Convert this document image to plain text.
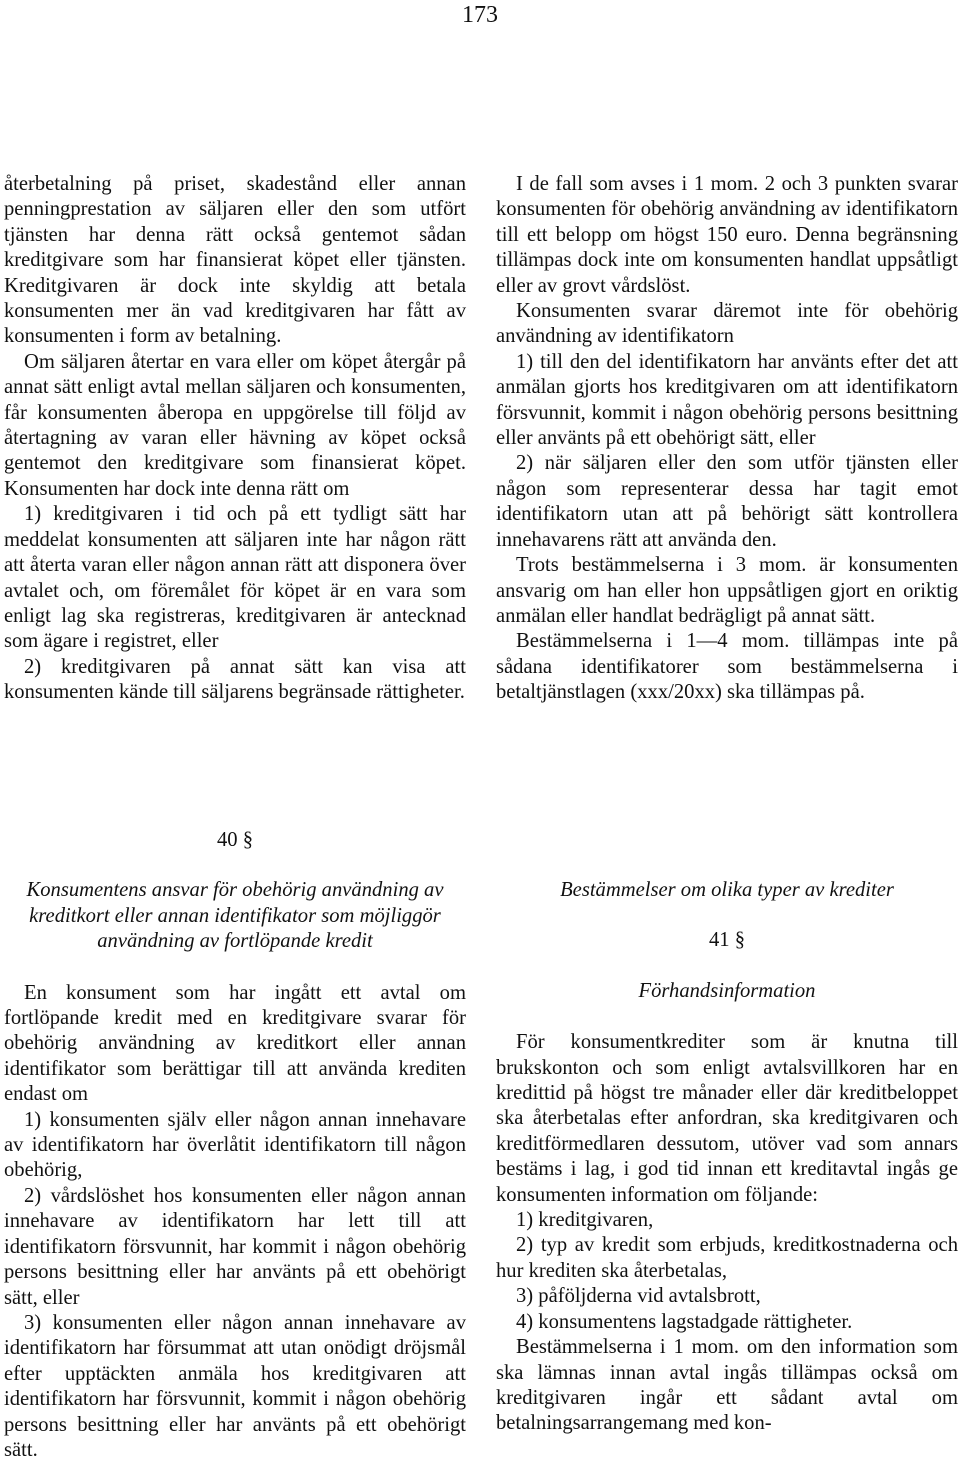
173

återbetalning på priset, skadestånd eller annan penningprestation av säljaren eller den som utfört tjänsten har denna rätt också gentemot sådan kreditgivare som har finansierat köpet eller tjänsten. Kreditgivaren är dock inte skyldig att betala konsumenten mer än vad kreditgivaren har fått av konsumenten i form av betalning.

Om säljaren återtar en vara eller om köpet återgår på annat sätt enligt avtal mellan säljaren och konsumenten, får konsumenten åberopa en uppgörelse till följd av återtagning av varan eller hävning av köpet också gentemot den kreditgivare som finansierat köpet. Konsumenten har dock inte denna rätt om

1) kreditgivaren i tid och på ett tydligt sätt har meddelat konsumenten att säljaren inte har någon rätt att återta varan eller någon annan rätt att disponera över avtalet och, om föremålet för köpet är en vara som enligt lag ska registreras, kreditgivaren är antecknad som ägare i registret, eller

2) kreditgivaren på annat sätt kan visa att konsumenten kände till säljarens begränsade rättigheter.

I de fall som avses i 1 mom. 2 och 3 punkten svarar konsumenten för obehörig användning av identifikatorn till ett belopp om högst 150 euro. Denna begränsning tillämpas dock inte om konsumenten handlat uppsåtligt eller av grovt vårdslöst.

Konsumenten svarar däremot inte för obehörig användning av identifikatorn

1) till den del identifikatorn har använts efter det att anmälan gjorts hos kreditgivaren om att identifikatorn försvunnit, kommit i någon obehörig persons besittning eller använts på ett obehörigt sätt, eller

2) när säljaren eller den som utför tjänsten eller någon som representerar dessa har tagit emot identifikatorn utan att på behörigt sätt kontrollera innehavarens rätt att använda den.

Trots bestämmelserna i 3 mom. är konsumenten ansvarig om han eller hon uppsåtligen gjort en oriktig anmälan eller handlat bedrägligt på annat sätt.

Bestämmelserna i 1—4 mom. tillämpas inte på sådana identifikatorer som bestämmelserna i betaltjänstlagen (xxx/20xx) ska tillämpas på.

40 §

Konsumentens ansvar för obehörig användning av kreditkort eller annan identifikator som möjliggör användning av fortlöpande kredit

En konsument som har ingått ett avtal om fortlöpande kredit med en kreditgivare svarar för obehörig användning av kreditkort eller annan identifikator som berättigar till att använda krediten endast om

1) konsumenten själv eller någon annan innehavare av identifikatorn har överlåtit identifikatorn till någon obehörig,

2) vårdslöshet hos konsumenten eller någon annan innehavare av identifikatorn har lett till att identifikatorn försvunnit, har kommit i någon obehörig persons besittning eller har använts på ett obehörigt sätt, eller

3) konsumenten eller någon annan innehavare av identifikatorn har försummat att utan onödigt dröjsmål efter upptäckten anmäla hos kreditgivaren att identifikatorn har försvunnit, kommit i någon obehörig persons besittning eller har använts på ett obehörigt sätt.

Bestämmelser om olika typer av krediter

41 §

Förhandsinformation

För konsumentkrediter som är knutna till brukskonton och som enligt avtalsvillkoren har en kredittid på högst tre månader eller där kreditbeloppet ska återbetalas efter anfordran, ska kreditgivaren och kreditförmedlaren dessutom, utöver vad som annars bestäms i lag, i god tid innan ett kreditavtal ingås ge konsumenten information om följande:

1) kreditgivaren,

2) typ av kredit som erbjuds, kreditkostnaderna och hur krediten ska återbetalas,

3) påföljderna vid avtalsbrott,

4) konsumentens lagstadgade rättigheter.

Bestämmelserna i 1 mom. om den information som ska lämnas innan avtal ingås tillämpas också om kreditgivaren ingår ett sådant avtal om betalningsarrangemang med kon-
